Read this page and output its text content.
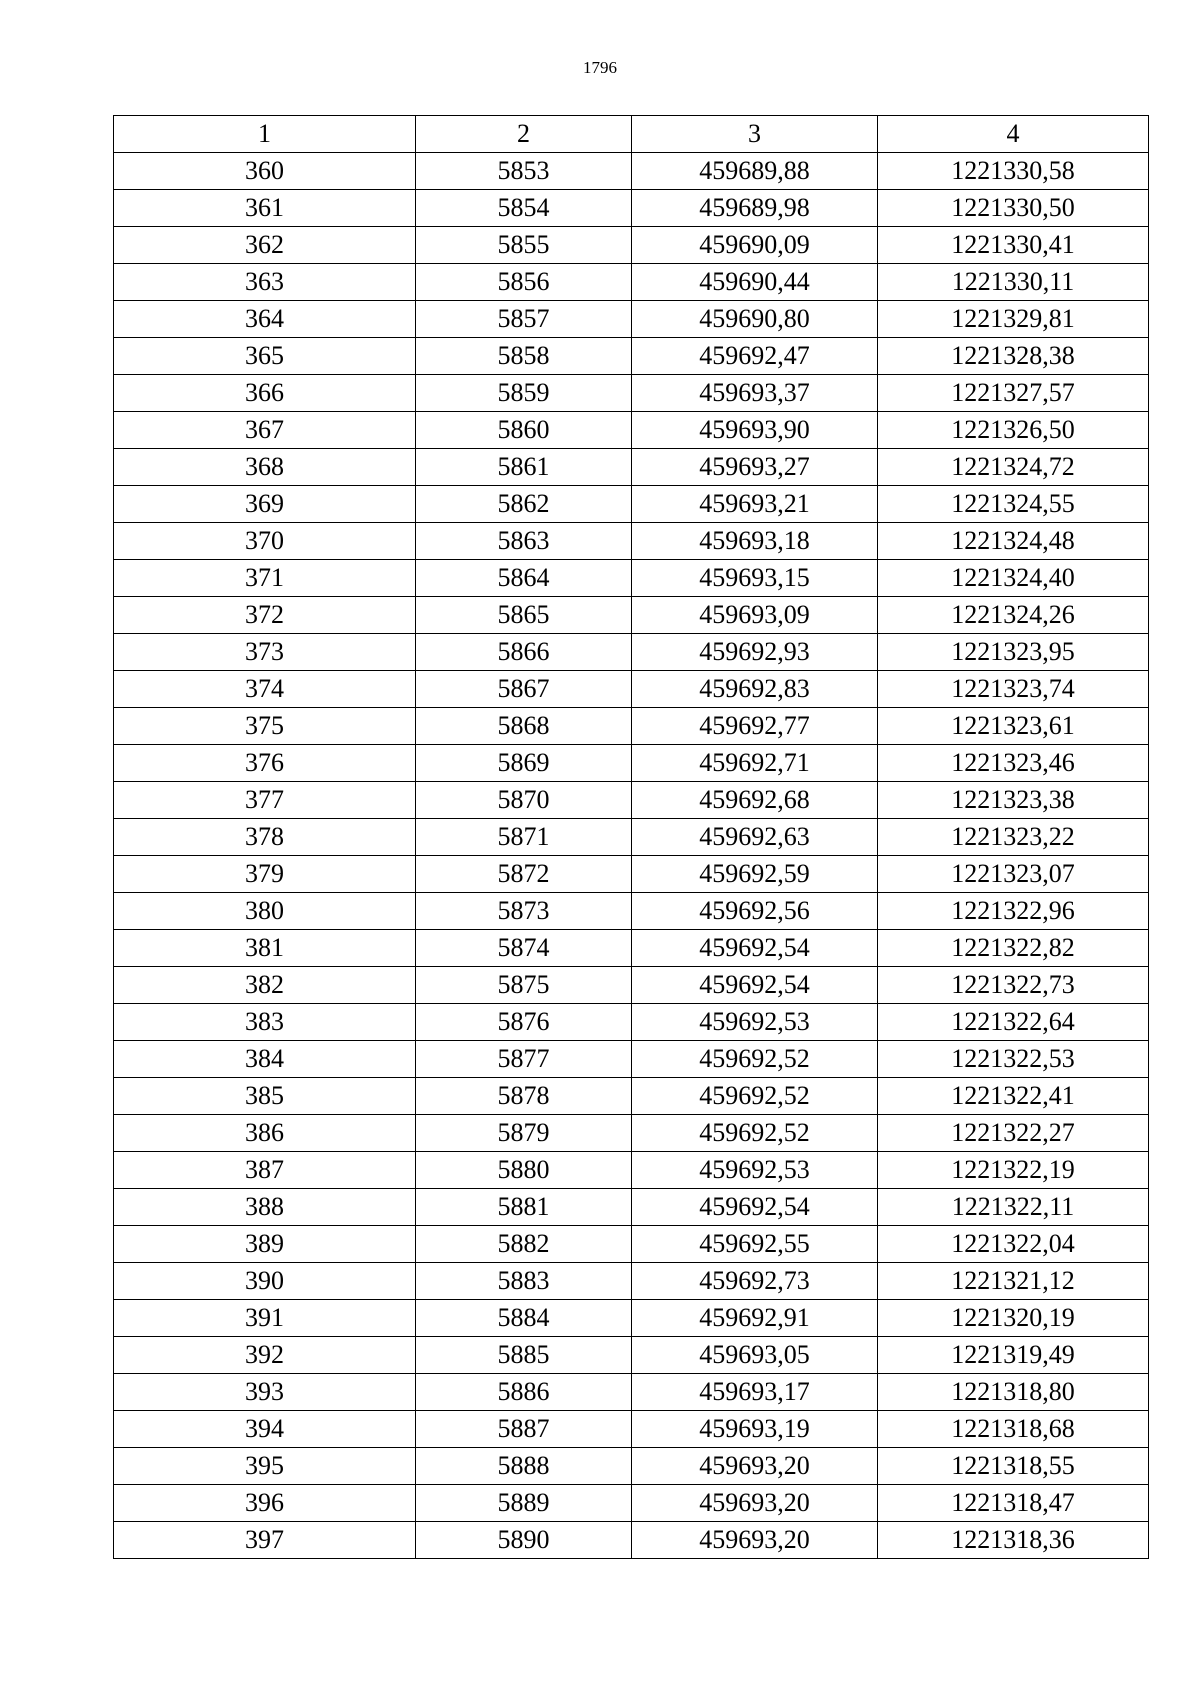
1796
1	2	3	4
360	5853	459689,88	1221330,58
361	5854	459689,98	1221330,50
362	5855	459690,09	1221330,41
363	5856	459690,44	1221330,11
364	5857	459690,80	1221329,81
365	5858	459692,47	1221328,38
366	5859	459693,37	1221327,57
367	5860	459693,90	1221326,50
368	5861	459693,27	1221324,72
369	5862	459693,21	1221324,55
370	5863	459693,18	1221324,48
371	5864	459693,15	1221324,40
372	5865	459693,09	1221324,26
373	5866	459692,93	1221323,95
374	5867	459692,83	1221323,74
375	5868	459692,77	1221323,61
376	5869	459692,71	1221323,46
377	5870	459692,68	1221323,38
378	5871	459692,63	1221323,22
379	5872	459692,59	1221323,07
380	5873	459692,56	1221322,96
381	5874	459692,54	1221322,82
382	5875	459692,54	1221322,73
383	5876	459692,53	1221322,64
384	5877	459692,52	1221322,53
385	5878	459692,52	1221322,41
386	5879	459692,52	1221322,27
387	5880	459692,53	1221322,19
388	5881	459692,54	1221322,11
389	5882	459692,55	1221322,04
390	5883	459692,73	1221321,12
391	5884	459692,91	1221320,19
392	5885	459693,05	1221319,49
393	5886	459693,17	1221318,80
394	5887	459693,19	1221318,68
395	5888	459693,20	1221318,55
396	5889	459693,20	1221318,47
397	5890	459693,20	1221318,36
